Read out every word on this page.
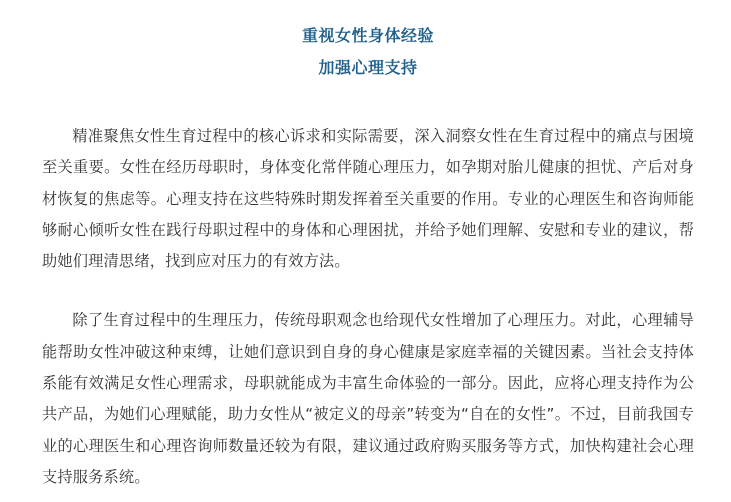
重视女性身体经验
加强心理支持

精准聚焦女性生育过程中的核心诉求和实际需要，深入洞察女性在生育过程中的痛点与困境至关重要。女性在经历母职时，身体变化常伴随心理压力，如孕期对胎儿健康的担忧、产后对身材恢复的焦虑等。心理支持在这些特殊时期发挥着至关重要的作用。专业的心理医生和咨询师能够耐心倾听女性在践行母职过程中的身体和心理困扰，并给予她们理解、安慰和专业的建议，帮助她们理清思绪，找到应对压力的有效方法。

除了生育过程中的生理压力，传统母职观念也给现代女性增加了心理压力。对此，心理辅导能帮助女性冲破这种束缚，让她们意识到自身的身心健康是家庭幸福的关键因素。当社会支持体系能有效满足女性心理需求，母职就能成为丰富生命体验的一部分。因此，应将心理支持作为公共产品，为她们心理赋能，助力女性从“被定义的母亲”转变为“自在的女性”。不过，目前我国专业的心理医生和心理咨询师数量还较为有限，建议通过政府购买服务等方式，加快构建社会心理支持服务系统。
